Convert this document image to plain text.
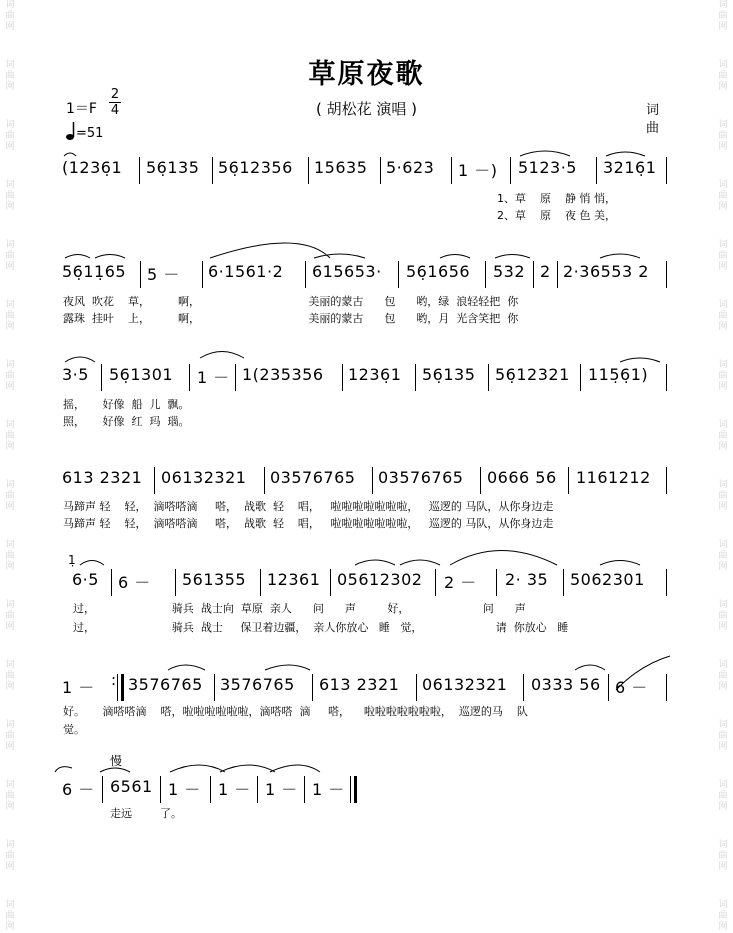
词
曲
网
词
曲
网
词
曲
网
词
曲
网
词
曲
网
词
曲
网
词
曲
网
词
曲
网
词
曲
网
词
曲
网
词
曲
网
词
曲
网
词
曲
网
词
曲
网
词
曲
网
词
曲
网
词
曲
网
词
曲
网
词
曲
网
词
曲
网
词
曲
网
词
曲
网
词
曲
网
词
曲
网
词
曲
网
词
曲
网
词
曲
网
词
曲
网
词
曲
网
词
曲
网
词
曲
网
词
曲
网
草原夜歌
( 胡松花 演唱 )	词
曲
1＝F
2
4
=51
(1236̣1 56̣135 56̣12356 15635 5·623 1 －) 5123·5 3216̣1
1、草    原    静 悄 悄，
2、草    原    夜 色 美，
56̣11̣65 5 － 6·1561·2 615653· 56̣1656 532 2 2·36553 2
夜风  吹花    草，        啊，                               美丽的蒙古      包      哟，绿  浪轻轻把  你
露珠  挂叶    上，        啊，                               美丽的蒙古      包      哟，月  光含笑把  你
3·5 56̣1301 1 － 1(235356 1236̣1 56̣135 56̣12321 115̣6̣1)
摇，     好像  船  儿  飘。
照，     好像  红  玛  瑙。
613 2321 06132321 03576765 03576765 0666 56 1161212
马蹄声 轻    轻，  滴嗒嗒滴     嗒，  战歌  轻    唱，   啦啦啦啦啦啦啦，   巡逻的 马队，从你身边走
马蹄声 轻    轻，  滴嗒嗒滴     嗒，  战歌  轻    唱，   啦啦啦啦啦啦啦，   巡逻的 马队，从你身边走
1̣
6·5 6 － 561355 12361 05612302 2 － 2· 35 5062301
过，                      骑兵  战士向  草原  亲人      问      声         好，                     问      声
过，                      骑兵  战士     保卫着边疆，  亲人你放心   睡   觉，                     请  你放心   睡
1 － : 3576765 3576765 613 2321 06132321 0333 56 6 －
好。     滴嗒嗒滴    嗒，啦啦啦啦啦啦，滴嗒嗒  滴     嗒，    啦啦啦啦啦啦啦，  巡逻的马    队
觉。
慢
6 － 6561 1 － 1 － 1 － 1 －
走远        了。
